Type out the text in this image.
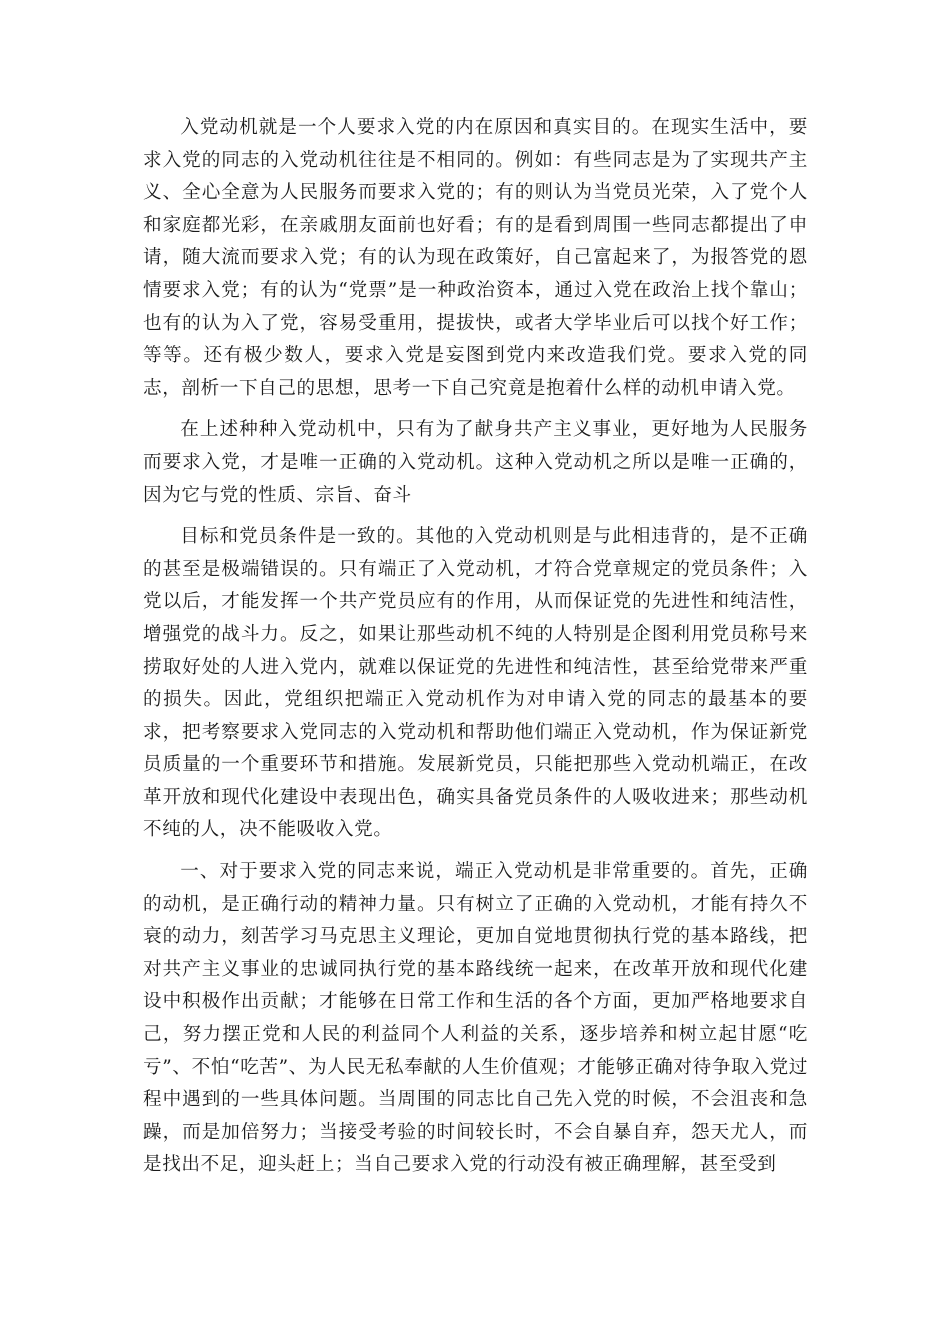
入党动机就是一个人要求入党的内在原因和真实目的。在现实生活中，要求入党的同志的入党动机往往是不相同的。例如：有些同志是为了实现共产主义、全心全意为人民服务而要求入党的；有的则认为当党员光荣，入了党个人和家庭都光彩，在亲戚朋友面前也好看；有的是看到周围一些同志都提出了申请，随大流而要求入党；有的认为现在政策好，自己富起来了，为报答党的恩情要求入党；有的认为“党票”是一种政治资本，通过入党在政治上找个靠山；也有的认为入了党，容易受重用，提拔快，或者大学毕业后可以找个好工作；等等。还有极少数人，要求入党是妄图到党内来改造我们党。要求入党的同志，剖析一下自己的思想，思考一下自己究竟是抱着什么样的动机申请入党。

在上述种种入党动机中，只有为了献身共产主义事业，更好地为人民服务而要求入党，才是唯一正确的入党动机。这种入党动机之所以是唯一正确的，因为它与党的性质、宗旨、奋斗

目标和党员条件是一致的。其他的入党动机则是与此相违背的，是不正确的甚至是极端错误的。只有端正了入党动机，才符合党章规定的党员条件；入党以后，才能发挥一个共产党员应有的作用，从而保证党的先进性和纯洁性，增强党的战斗力。反之，如果让那些动机不纯的人特别是企图利用党员称号来捞取好处的人进入党内，就难以保证党的先进性和纯洁性，甚至给党带来严重的损失。因此，党组织把端正入党动机作为对申请入党的同志的最基本的要求，把考察要求入党同志的入党动机和帮助他们端正入党动机，作为保证新党员质量的一个重要环节和措施。发展新党员，只能把那些入党动机端正，在改革开放和现代化建设中表现出色，确实具备党员条件的人吸收进来；那些动机不纯的人，决不能吸收入党。

一、对于要求入党的同志来说，端正入党动机是非常重要的。首先，正确的动机，是正确行动的精神力量。只有树立了正确的入党动机，才能有持久不衰的动力，刻苦学习马克思主义理论，更加自觉地贯彻执行党的基本路线，把对共产主义事业的忠诚同执行党的基本路线统一起来，在改革开放和现代化建设中积极作出贡献；才能够在日常工作和生活的各个方面，更加严格地要求自己，努力摆正党和人民的利益同个人利益的关系，逐步培养和树立起甘愿“吃亏”、不怕“吃苦”、为人民无私奉献的人生价值观；才能够正确对待争取入党过程中遇到的一些具体问题。当周围的同志比自己先入党的时候，不会沮丧和急躁，而是加倍努力；当接受考验的时间较长时，不会自暴自弃，怨天尤人，而是找出不足，迎头赶上；当自己要求入党的行动没有被正确理解，甚至受到
